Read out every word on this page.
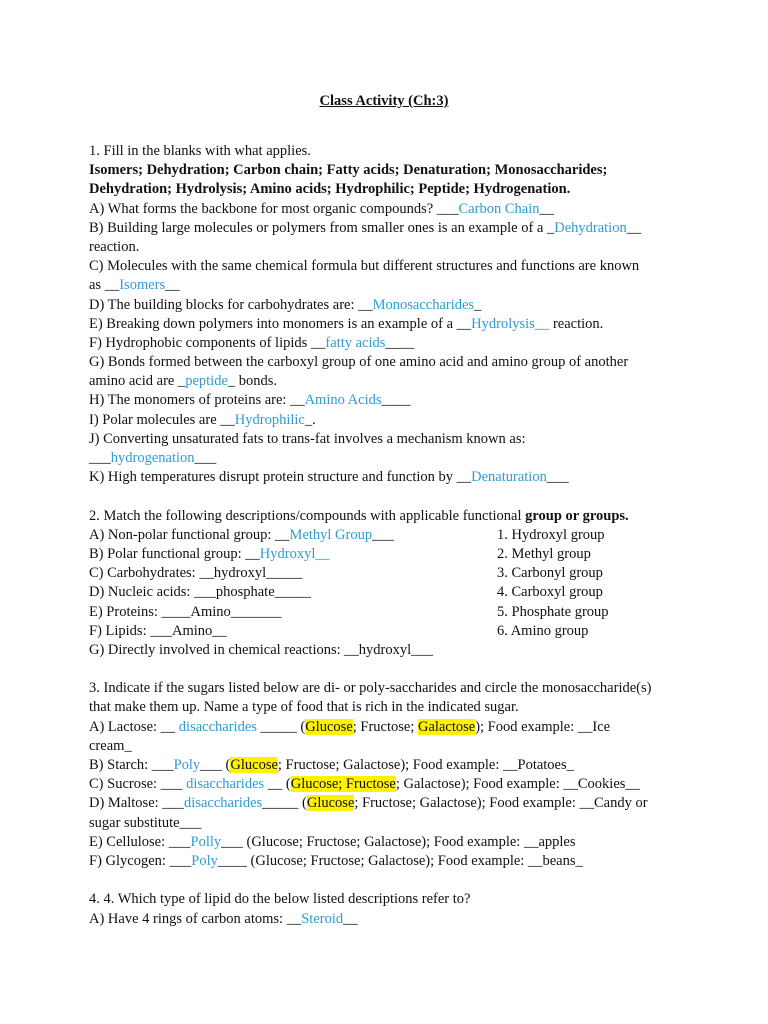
Class Activity (Ch:3)
1. Fill in the blanks with what applies.
Isomers; Dehydration; Carbon chain; Fatty acids; Denaturation; Monosaccharides;
Dehydration; Hydrolysis; Amino acids; Hydrophilic; Peptide; Hydrogenation.
A) What forms the backbone for most organic compounds? ___Carbon Chain__
B) Building large molecules or polymers from smaller ones is an example of a _Dehydration__
reaction.
C) Molecules with the same chemical formula but different structures and functions are known
as __Isomers__
D) The building blocks for carbohydrates are: __Monosaccharides_
E) Breaking down polymers into monomers is an example of a __Hydrolysis__ reaction.
F) Hydrophobic components of lipids __fatty acids____
G) Bonds formed between the carboxyl group of one amino acid and amino group of another
amino acid are _peptide_ bonds.
H) The monomers of proteins are: __Amino Acids____
I) Polar molecules are __Hydrophilic_.
J) Converting unsaturated fats to trans-fat involves a mechanism known as:
___hydrogenation___
K) High temperatures disrupt protein structure and function by __Denaturation___
2. Match the following descriptions/compounds with applicable functional group or groups.
A) Non-polar functional group: __Methyl Group___	1. Hydroxyl group
B) Polar functional group: __Hydroxyl__	2. Methyl group
C) Carbohydrates: __hydroxyl_____	3. Carbonyl group
D) Nucleic acids: ___phosphate_____	4. Carboxyl group
E) Proteins: ____Amino_______	5. Phosphate group
F) Lipids: ___Amino__	6. Amino group
G) Directly involved in chemical reactions: __hydroxyl___
3. Indicate if the sugars listed below are di- or poly-saccharides and circle the monosaccharide(s)
that make them up. Name a type of food that is rich in the indicated sugar.
A) Lactose: __ disaccharides _____ (Glucose; Fructose; Galactose); Food example: __Ice
cream_
B) Starch: ___Poly___ (Glucose; Fructose; Galactose); Food example: __Potatoes_
C) Sucrose: ___ disaccharides __ (Glucose; Fructose; Galactose); Food example: __Cookies__
D) Maltose: ___disaccharides_____ (Glucose; Fructose; Galactose); Food example: __Candy or
sugar substitute___
E) Cellulose: ___Polly___ (Glucose; Fructose; Galactose); Food example: __apples
F) Glycogen: ___Poly____ (Glucose; Fructose; Galactose); Food example: __beans_
4. 4. Which type of lipid do the below listed descriptions refer to?
A) Have 4 rings of carbon atoms: __Steroid__
